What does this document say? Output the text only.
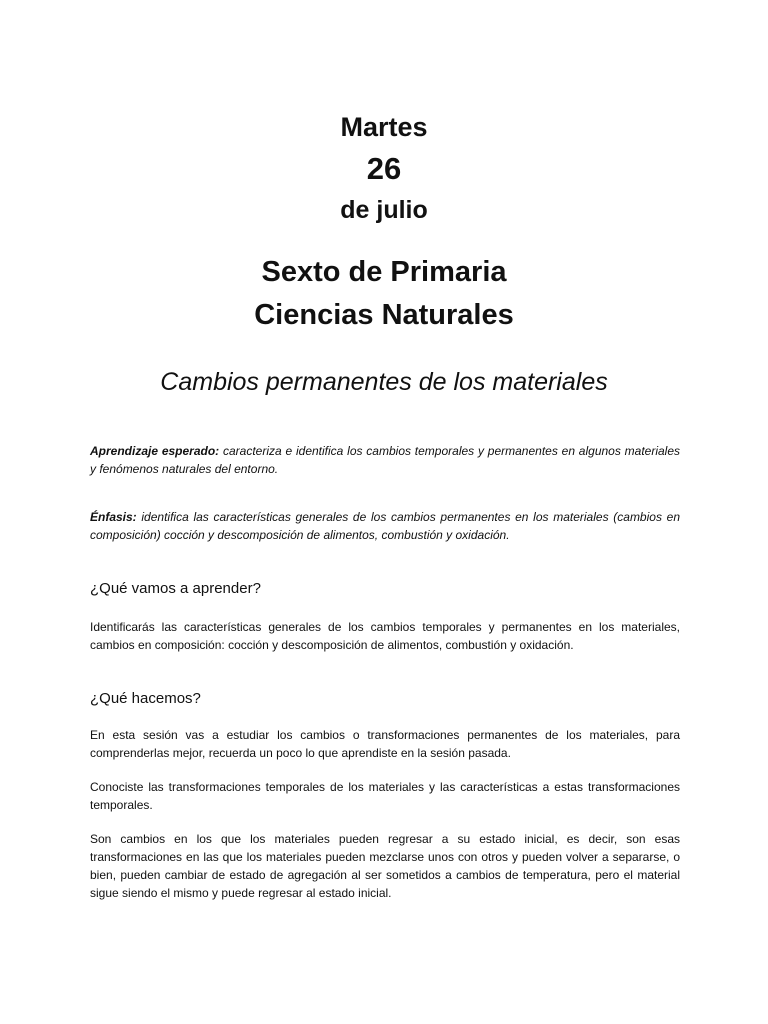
Martes

26

de julio

Sexto de Primaria

Ciencias Naturales

Cambios permanentes de los materiales

Aprendizaje esperado: caracteriza e identifica los cambios temporales y permanentes en algunos materiales y fenómenos naturales del entorno.

Énfasis: identifica las características generales de los cambios permanentes en los materiales (cambios en composición) cocción y descomposición de alimentos, combustión y oxidación.

¿Qué vamos a aprender?

Identificarás las características generales de los cambios temporales y permanentes en los materiales, cambios en composición: cocción y descomposición de alimentos, combustión y oxidación.

¿Qué hacemos?

En esta sesión vas a estudiar los cambios o transformaciones permanentes de los materiales, para comprenderlas mejor, recuerda un poco lo que aprendiste en la sesión pasada.

Conociste las transformaciones temporales de los materiales y las características a estas transformaciones temporales.

Son cambios en los que los materiales pueden regresar a su estado inicial, es decir, son esas transformaciones en las que los materiales pueden mezclarse unos con otros y pueden volver a separarse, o bien, pueden cambiar de estado de agregación al ser sometidos a cambios de temperatura, pero el material sigue siendo el mismo y puede regresar al estado inicial.
